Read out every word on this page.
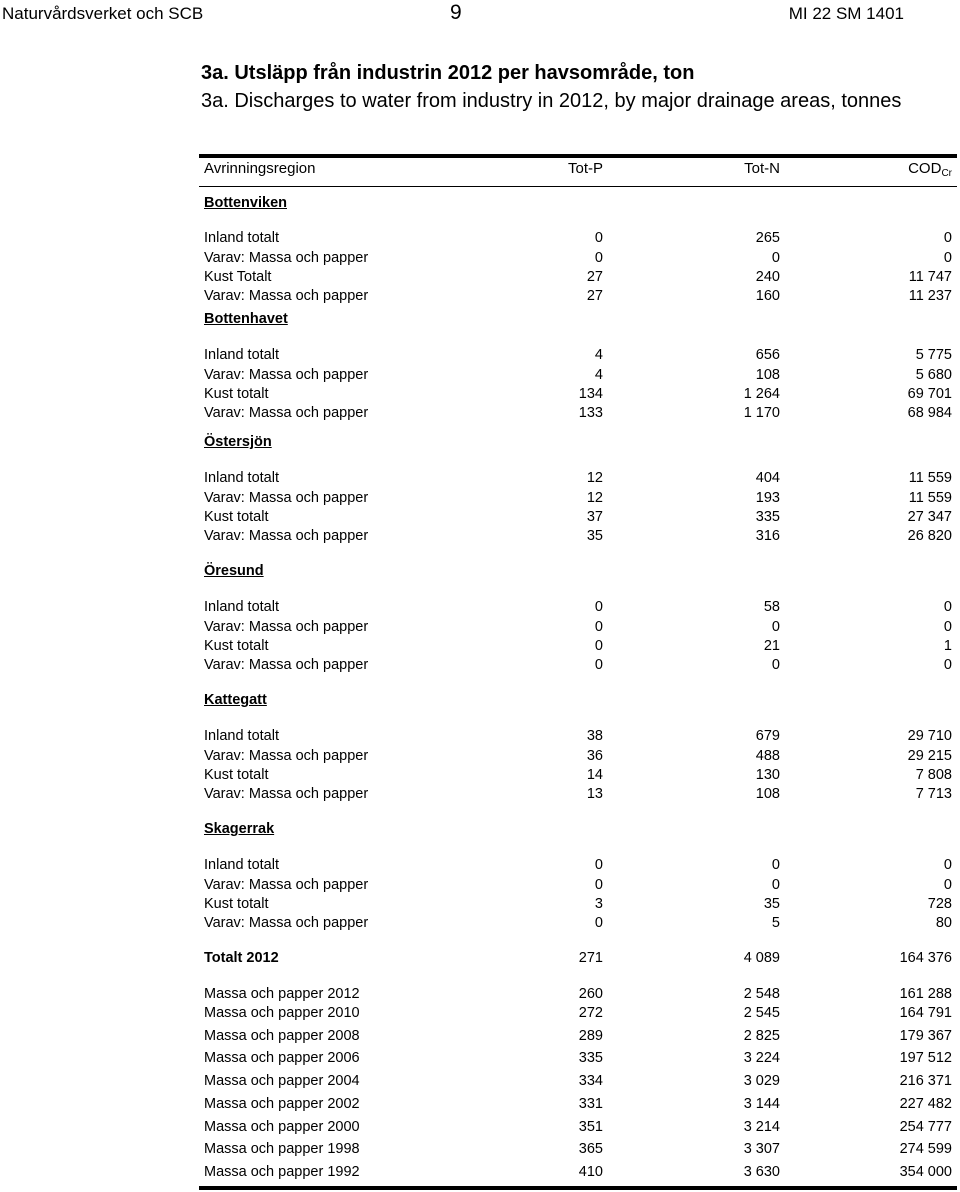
Naturvårdsverket och SCB	9	MI 22 SM 1401
3a. Utsläpp från industrin 2012 per havsområde, ton
3a. Discharges to water from industry in 2012, by major drainage areas, tonnes
Avrinningsregion	Tot-P	Tot-N	$COD_{Cr}$
Bottenviken
Inland totalt	0	265	0
Varav: Massa och papper	0	0	0
Kust Totalt	27	240	11 747
Varav: Massa och papper	27	160	11 237
Bottenhavet
Inland totalt	4	656	5 775
Varav: Massa och papper	4	108	5 680
Kust totalt	134	1 264	69 701
Varav: Massa och papper	133	1 170	68 984
Östersjön
Inland totalt	12	404	11 559
Varav: Massa och papper	12	193	11 559
Kust totalt	37	335	27 347
Varav: Massa och papper	35	316	26 820
Öresund
Inland totalt	0	58	0
Varav: Massa och papper	0	0	0
Kust totalt	0	21	1
Varav: Massa och papper	0	0	0
Kattegatt
Inland totalt	38	679	29 710
Varav: Massa och papper	36	488	29 215
Kust totalt	14	130	7 808
Varav: Massa och papper	13	108	7 713
Skagerrak
Inland totalt	0	0	0
Varav: Massa och papper	0	0	0
Kust totalt	3	35	728
Varav: Massa och papper	0	5	80
Totalt 2012	271	4 089	164 376
Massa och papper 2012	260	2 548	161 288
Massa och papper 2010	272	2 545	164 791
Massa och papper 2008	289	2 825	179 367
Massa och papper 2006	335	3 224	197 512
Massa och papper 2004	334	3 029	216 371
Massa och papper 2002	331	3 144	227 482
Massa och papper 2000	351	3 214	254 777
Massa och papper 1998	365	3 307	274 599
Massa och papper 1992	410	3 630	354 000
